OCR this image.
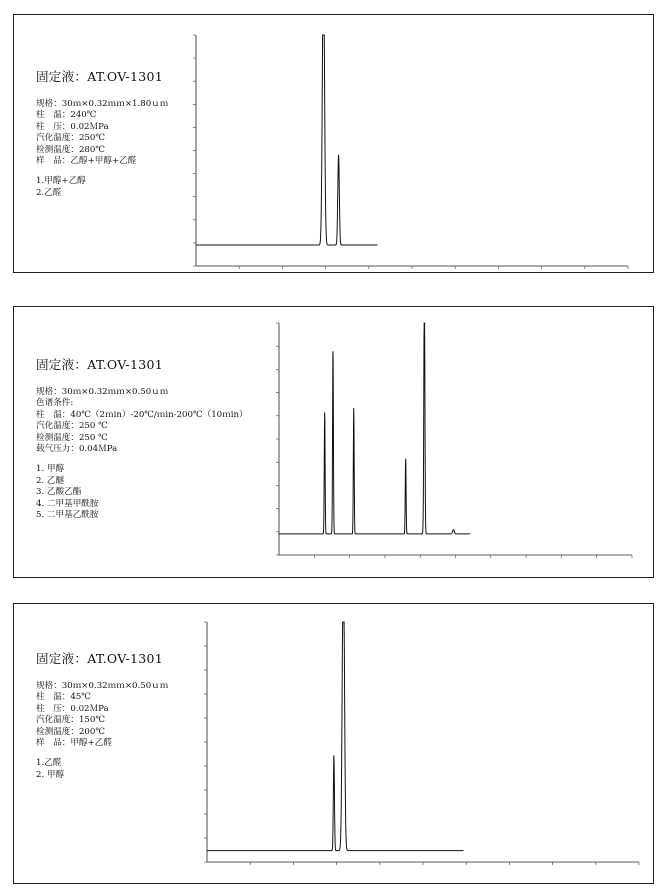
固定液：AT.OV-1301
规格：30ｍ×0.32ｍｍ×1.80ｕｍ
柱　温：240℃
柱　压：0.02ＭPa
汽化温度：250℃
检测温度：280℃
样　品：乙醇+甲醇+乙醛
1.甲醇+乙醇
2.乙醛
固定液：AT.OV-1301
规格：30ｍ×0.32ｍｍ×0.50ｕｍ
色谱条件:
柱　温：40℃（2ｍin）-20℃/ｍin-200℃（10ｍin）
汽化温度：250 ℃
检测温度：250 ℃
载气压力：0.04ＭPa
1. 甲醇
2. 乙醚
3. 乙酸乙酯
4. 二甲基甲酰胺
5. 二甲基乙酰胺
固定液：AT.OV-1301
规格：30ｍ×0.32ｍｍ×0.50ｕｍ
柱　温：45℃
柱　压：0.02ＭPa
汽化温度：150℃
检测温度：200℃
样　品：甲醇+乙醛
1.乙醛
2. 甲醇
